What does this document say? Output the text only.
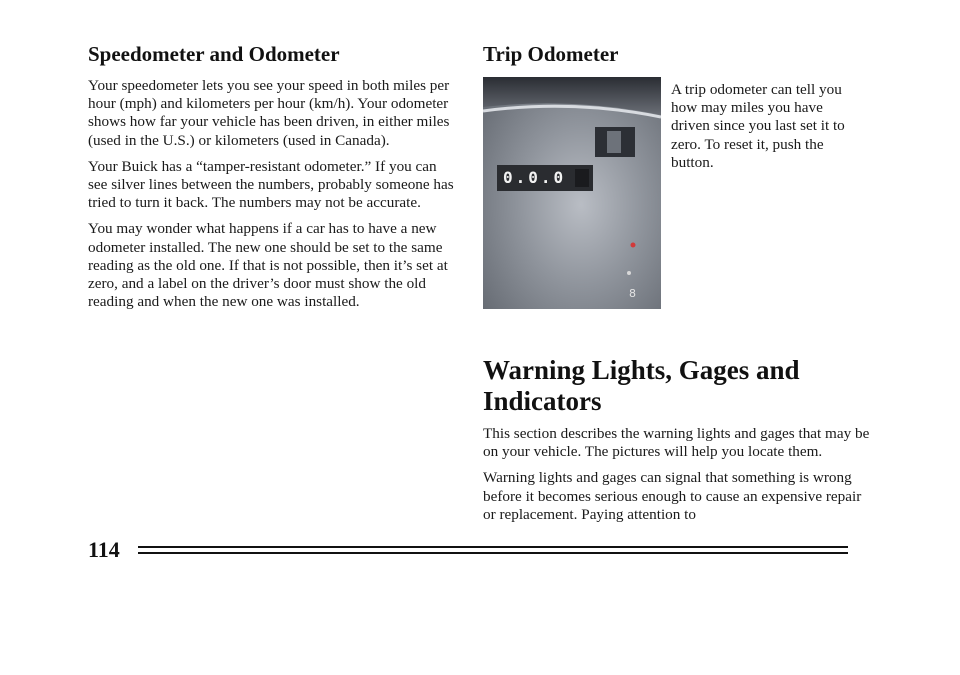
Speedometer and Odometer

Your speedometer lets you see your speed in both miles per hour (mph) and kilometers per hour (km/h). Your odometer shows how far your vehicle has been driven, in either miles (used in the U.S.) or kilometers (used in Canada).

Your Buick has a “tamper-resistant odometer.” If you can see silver lines between the numbers, probably someone has tried to turn it back. The numbers may not be accurate.

You may wonder what happens if a car has to have a new odometer installed. The new one should be set to the same reading as the old one. If that is not possible, then it’s set at zero, and a label on the driver’s door must show the old reading and when the new one was installed.

Trip Odometer
8
0.0.0

A trip odometer can tell you how may miles you have driven since you last set it to zero. To reset it, push the button.

Warning Lights, Gages and Indicators

This section describes the warning lights and gages that may be on your vehicle. The pictures will help you locate them.

Warning lights and gages can signal that something is wrong before it becomes serious enough to cause an expensive repair or replacement. Paying attention to

114
